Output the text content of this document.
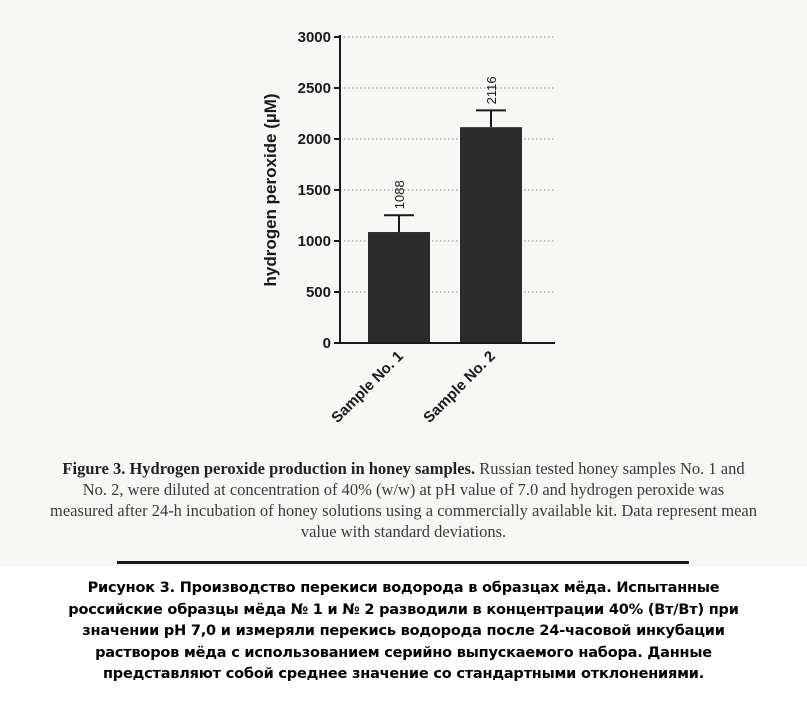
1088
Sample No. 1
2116
Sample No. 2
0
500
1000
1500
2000
2500
3000
hydrogen peroxide (µM)
Figure 3. Hydrogen peroxide production in honey samples. Russian tested honey samples No. 1 and No. 2, were diluted at concentration of 40% (w/w) at pH value of 7.0 and hydrogen peroxide was measured after 24-h incubation of honey solutions using a commercially available kit. Data represent mean value with standard deviations.
Рисунок 3. Производство перекиси водорода в образцах мёда. Испытанные российские образцы мёда № 1 и № 2 разводили в концентрации 40% (Вт/Вт) при значении pH 7,0 и измеряли перекись водорода после 24-часовой инкубации растворов мёда с использованием серийно выпускаемого набора. Данные представляют собой среднее значение со стандартными отклонениями.
